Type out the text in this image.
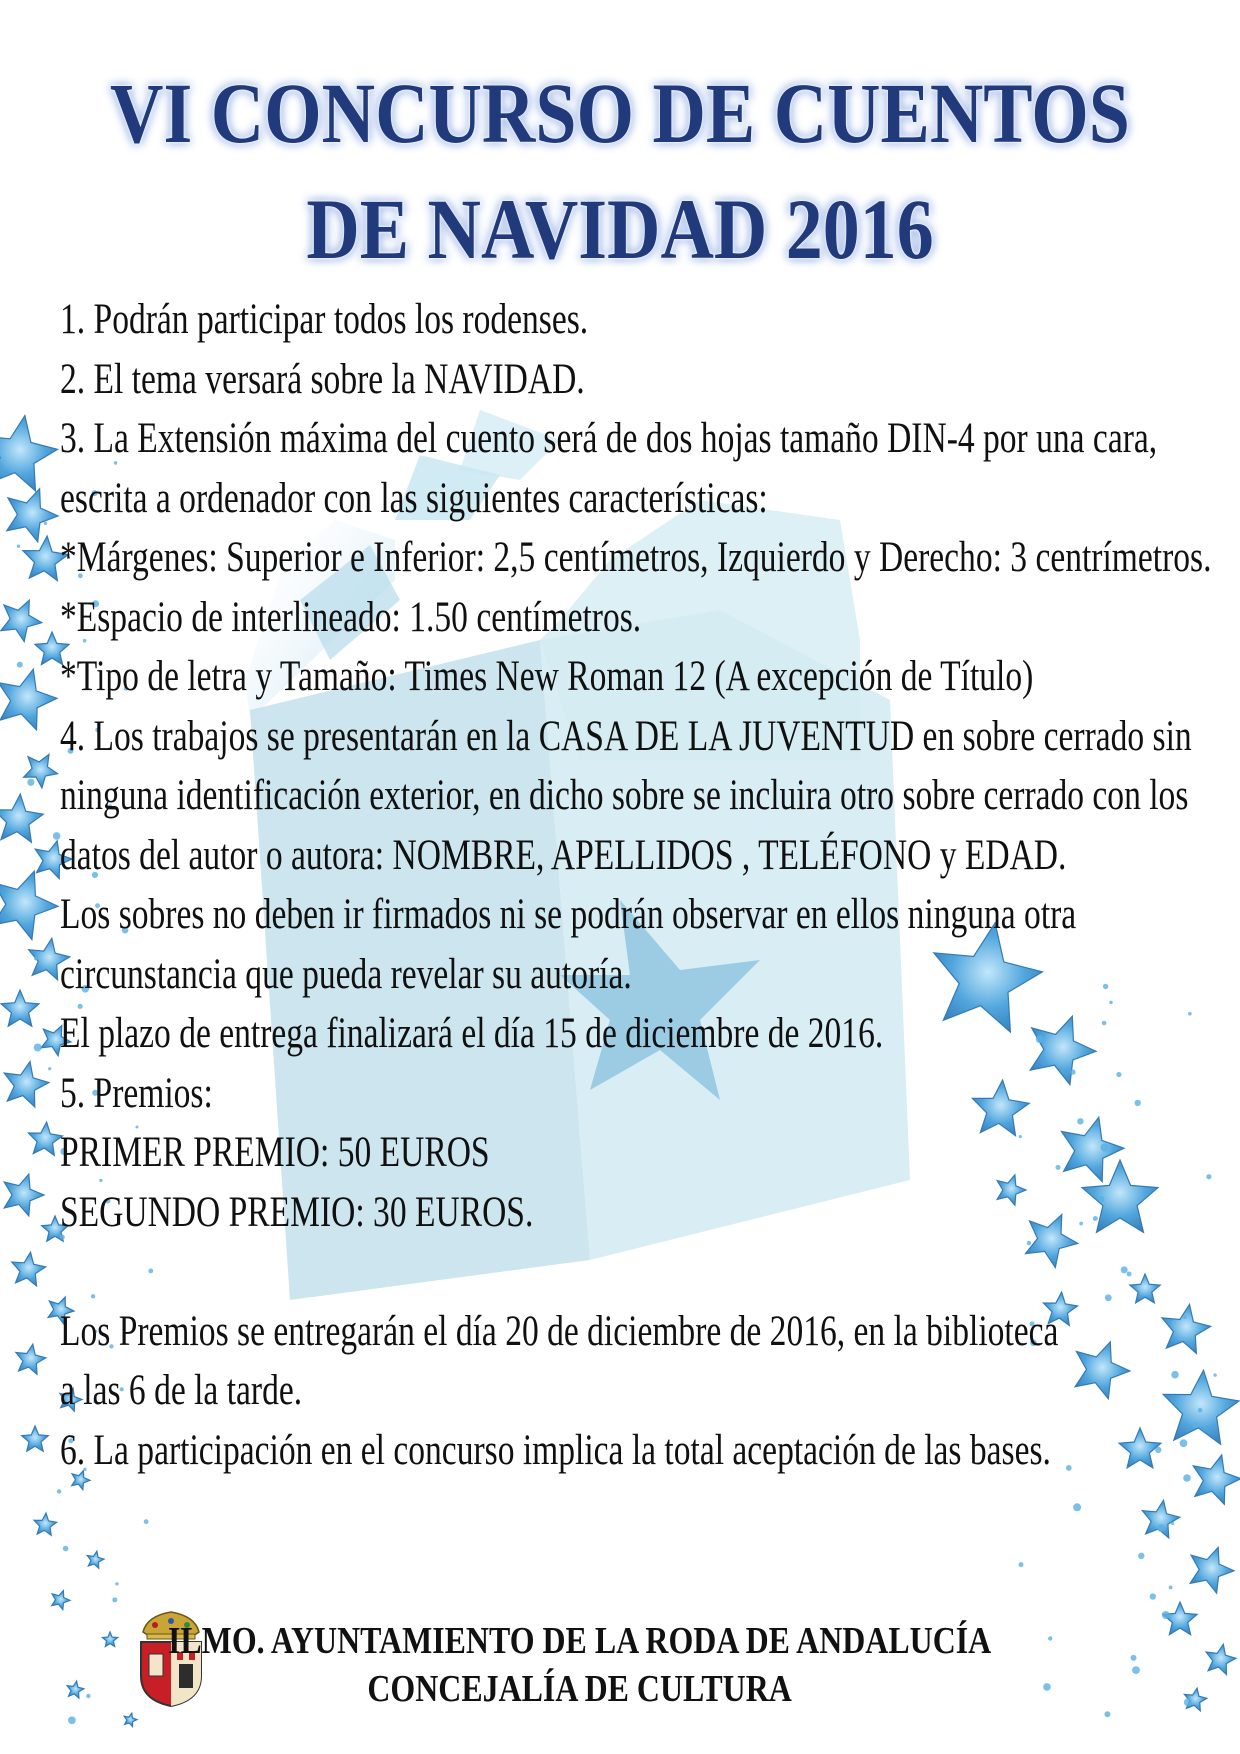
VI CONCURSO DE CUENTOS
DE NAVIDAD 2016
1. Podrán participar todos los rodenses.
2. El tema versará sobre la NAVIDAD.
3. La Extensión máxima del cuento será de dos hojas tamaño DIN-4 por una cara,
escrita a ordenador con las siguientes características:
*Márgenes: Superior e Inferior: 2,5 centímetros, Izquierdo y Derecho: 3 centrímetros.
*Espacio de interlineado: 1.50 centímetros.
*Tipo de letra y Tamaño: Times New Roman 12 (A excepción de Título)
4. Los trabajos se presentarán en la CASA DE LA JUVENTUD en sobre cerrado sin
ninguna identificación exterior, en dicho sobre se incluira otro sobre cerrado con los
datos del autor o autora: NOMBRE, APELLIDOS , TELÉFONO y EDAD.
Los sobres no deben ir firmados ni se podrán observar en ellos ninguna otra
circunstancia que pueda revelar su autoría.
El plazo de entrega finalizará el día 15 de diciembre de 2016.
5. Premios:
PRIMER PREMIO: 50 EUROS
SEGUNDO PREMIO: 30 EUROS.
Los Premios se entregarán el día 20 de diciembre de 2016, en la biblioteca
a las 6 de la tarde.
6. La participación en el concurso implica la total aceptación de las bases.
ILMO. AYUNTAMIENTO DE LA RODA DE ANDALUCÍA
CONCEJALÍA DE CULTURA
